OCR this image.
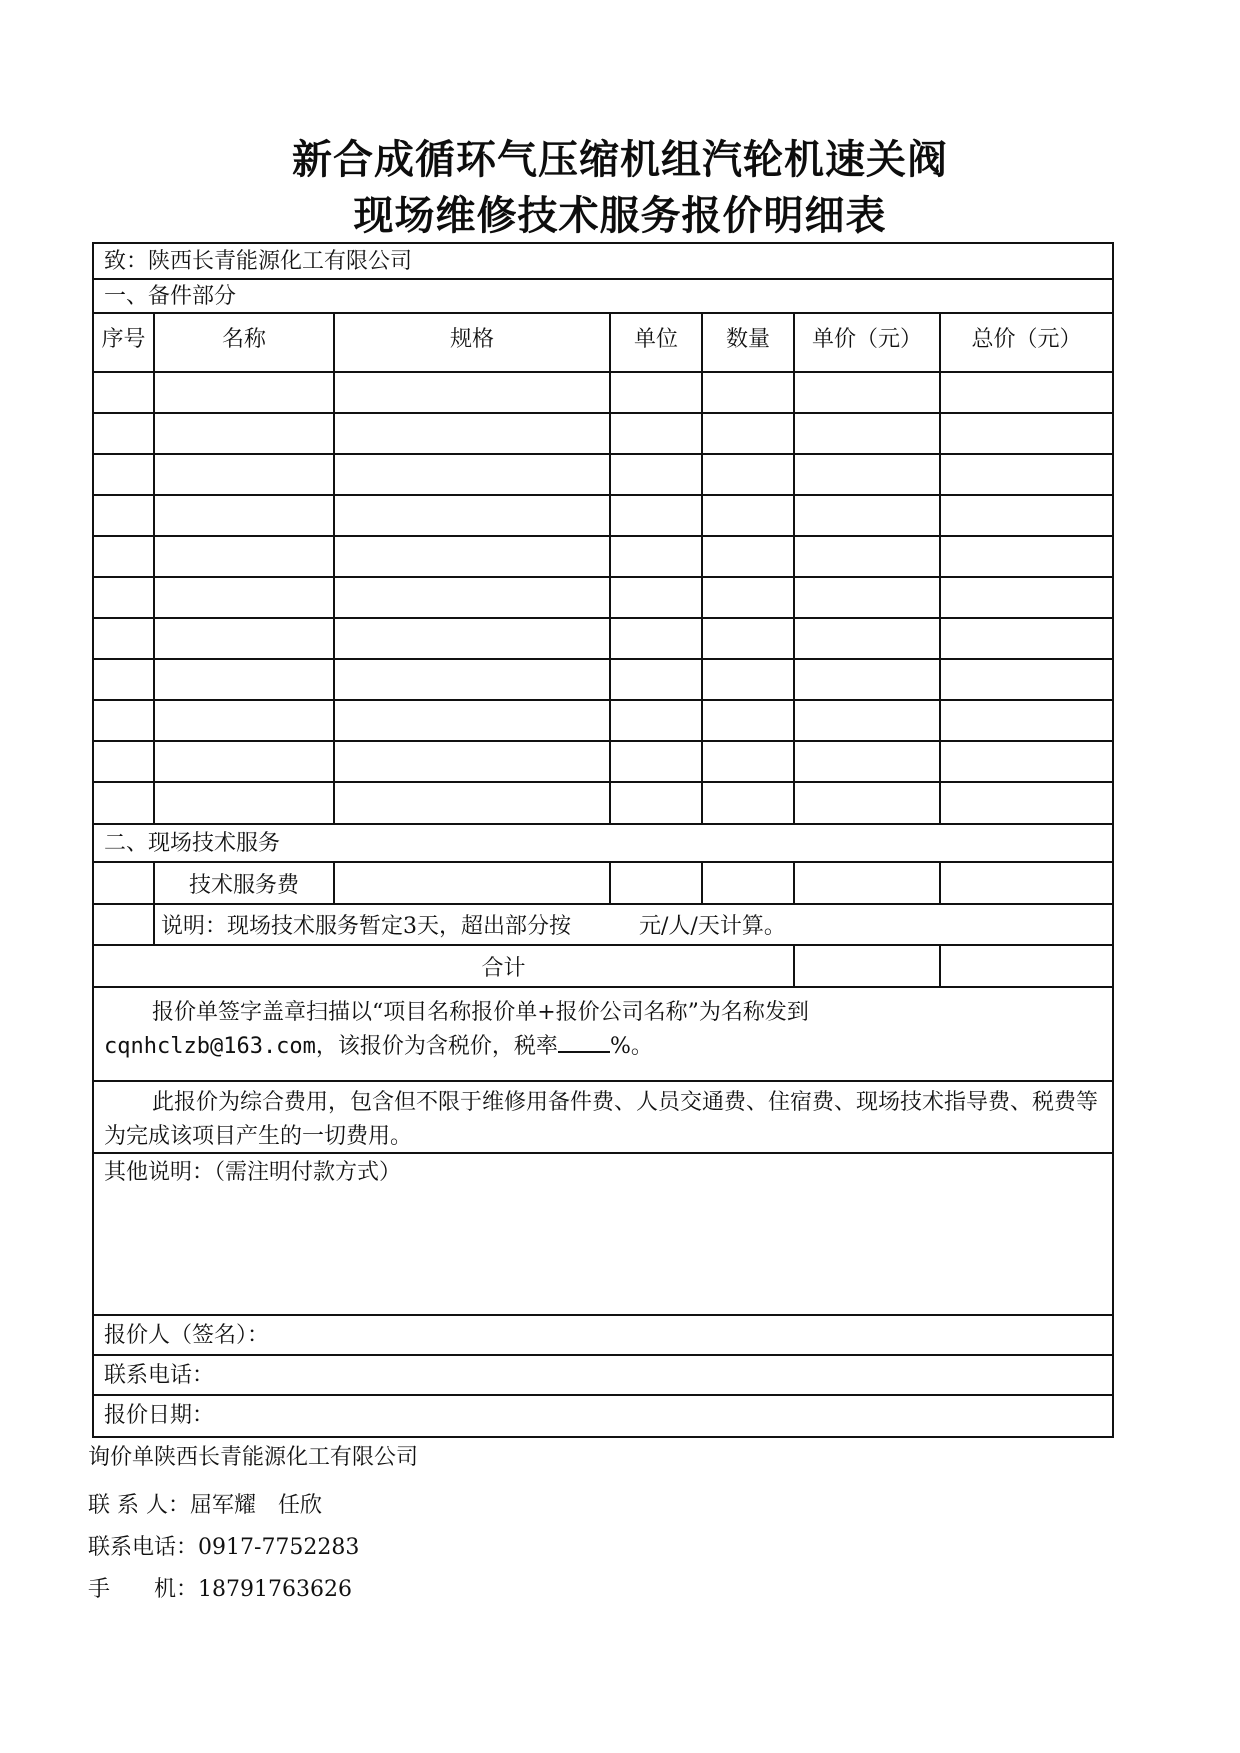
新合成循环气压缩机组汽轮机速关阀
现场维修技术服务报价明细表
致：陕西长青能源化工有限公司
一、备件部分
序号	名称	规格	单位	数量	单价（元）	总价（元）

二、现场技术服务
	技术服务费					
	说明：现场技术服务暂定3天，超出部分按 元/人/天计算。					
合计						
报价单签字盖章扫描以“项目名称报价单+报价公司名称”为名称发到
cqnhclzb@163.com，该报价为含税价，税率 %。
此报价为综合费用，包含但不限于维修用备件费、人员交通费、住宿费、现场技术指导费、税费等为完成该项目产生的一切费用。
其他说明：（需注明付款方式）
报价人（签名）：
联系电话：
报价日期：
询价单陕西长青能源化工有限公司
联 系 人：屈军耀　任欣
联系电话：0917-7752283
手　　机：18791763626
